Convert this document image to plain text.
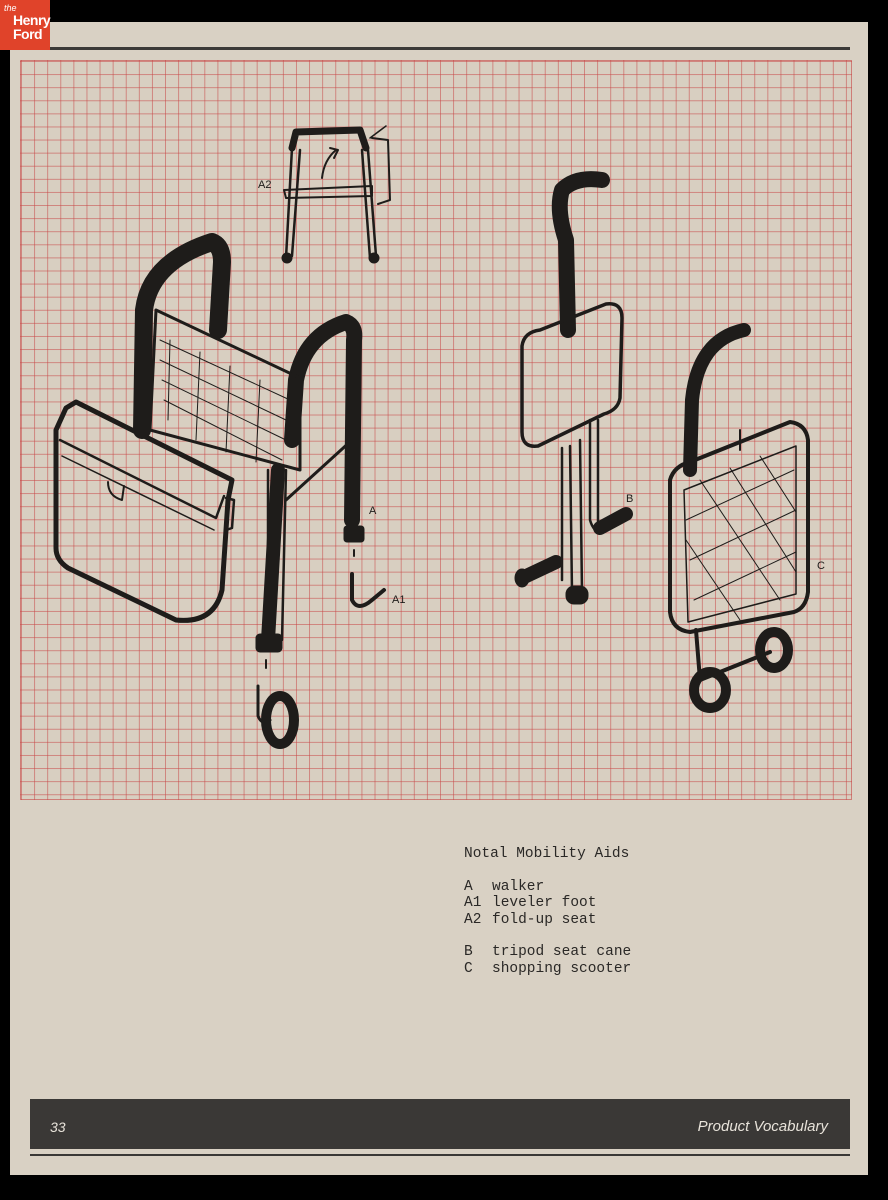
the
Henry
Ford
A2
A
A1
B
C
Notal Mobility Aids
A	walker
A1 leveler foot
A2 fold-up seat
B	tripod seat cane
C	shopping scooter
33	Product Vocabulary
